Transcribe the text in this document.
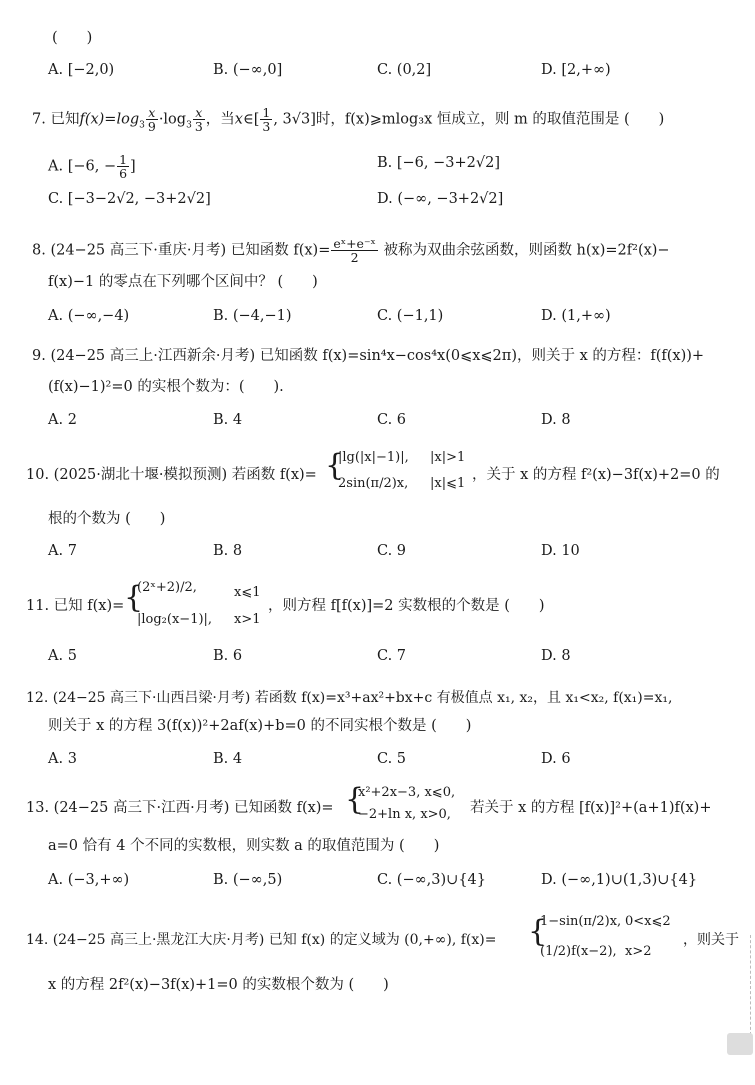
(　　)
A. [−2,0)	B. (−∞,0]	C. (0,2]	D. [2,+∞)
7. 已知$f(x)=\log_3 \frac{x}{9} \cdot\log_3 \frac{x}{3}$ ，当x∈[ $\frac{1}{3}$ , 3√3]时，f(x)⩾mlog₃x 恒成立，则 m 的取值范围是 (　　)
A. [−6, − $\frac{1}{6}$ ]	B. [−6, −3+2√2]
C. [−3−2√2, −3+2√2]	D. (−∞, −3+2√2]
8. (24−25 高三下·重庆·月考) 已知函数 $f(x)= \frac{\text{eˣ+e⁻ˣ}}{2}$ 被称为双曲余弦函数，则函数 h(x)=2f²(x)−
f(x)−1 的零点在下列哪个区间中？ (　　)
A. (−∞,−4)	B. (−4,−1)	C. (−1,1)	D. (1,+∞)
9. (24−25 高三上·江西新余·月考) 已知函数 f(x)=sin⁴x−cos⁴x(0⩽x⩽2π)，则关于 x 的方程：f(f(x))+
(f(x)−1)²=0 的实根个数为：(　　).
A. 2	B. 4	C. 6	D. 8
10. (2025·湖北十堰·模拟预测) 若函数 f(x)= {
|lg(|x|−1)|, |x|>1
2sin(π/2)x, |x|⩽1
，关于 x 的方程 f²(x)−3f(x)+2=0 的
根的个数为 (　　)
A. 7	B. 8	C. 9	D. 10
11. 已知 f(x)= {
(2ˣ+2)/2,	x⩽1
|log₂(x−1)|, x>1
，则方程 f[f(x)]=2 实数根的个数是 (　　)
A. 5	B. 6	C. 7	D. 8
12. (24−25 高三下·山西吕梁·月考) 若函数 f(x)=x³+ax²+bx+c 有极值点 x₁, x₂，且 x₁<x₂, f(x₁)=x₁,
则关于 x 的方程 3(f(x))²+2af(x)+b=0 的不同实根个数是 (　　)
A. 3	B. 4	C. 5	D. 6
13. (24−25 高三下·江西·月考) 已知函数 f(x)= {
x²+2x−3, x⩽0,
−2+ln x, x>0, 若关于 x 的方程 [f(x)]²+(a+1)f(x)+
a=0 恰有 4 个不同的实数根，则实数 a 的取值范围为 (　　)
A. (−3,+∞)	B. (−∞,5)	C. (−∞,3)∪{4}	D. (−∞,1)∪(1,3)∪{4}
14. (24−25 高三上·黑龙江大庆·月考) 已知 f(x) 的定义域为 (0,+∞), f(x)= {
1−sin(π/2)x, 0<x⩽2
(1/2)f(x−2), x>2
，则关于
x 的方程 2f²(x)−3f(x)+1=0 的实数根个数为 (　　)
